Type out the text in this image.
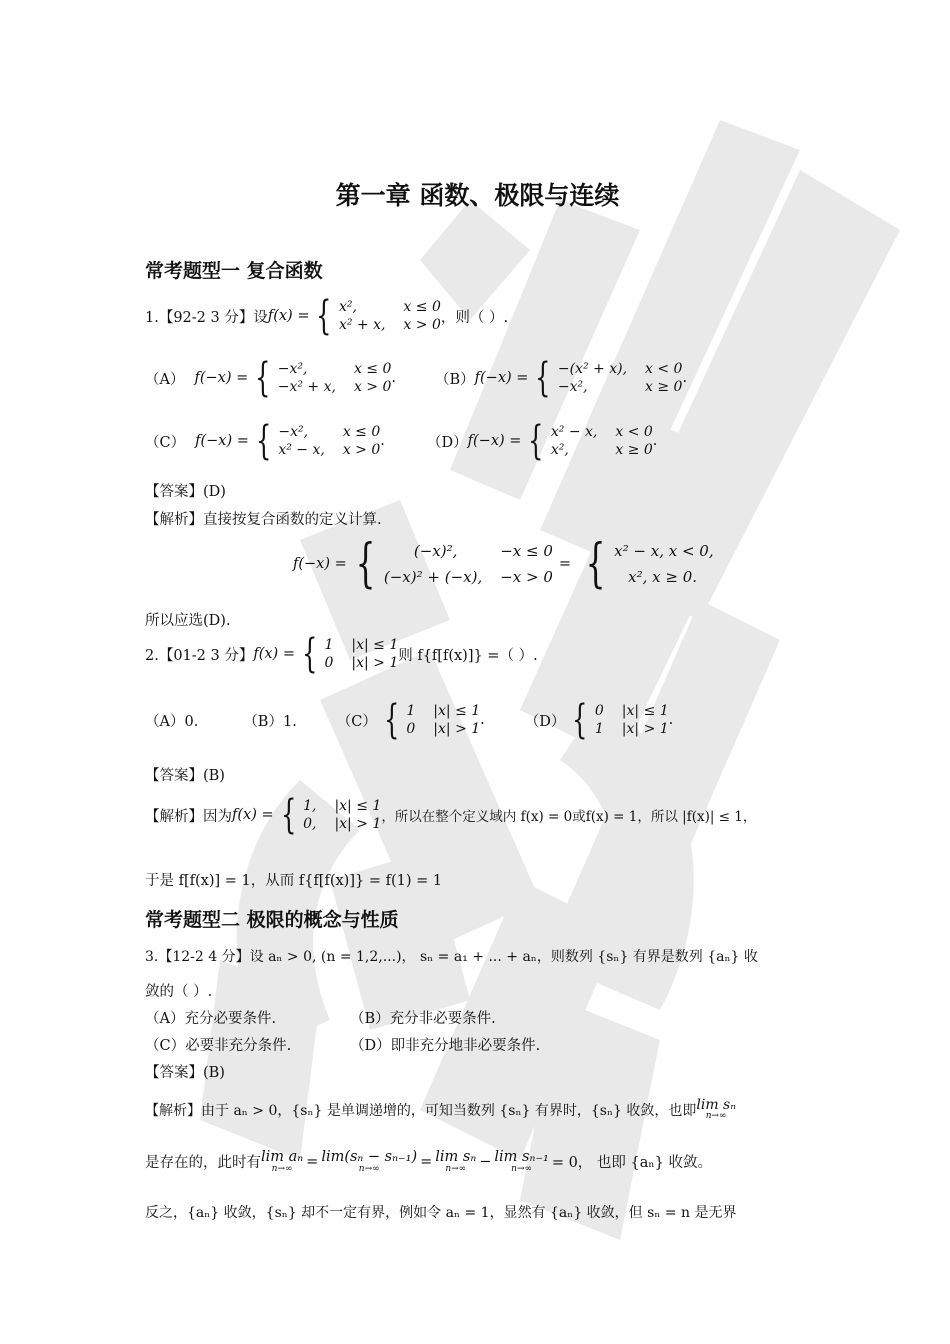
第一章 函数、极限与连续
常考题型一 复合函数
1.【92-2 3 分】设 f(x) = { x²,	x ≤ 0
x² + x, x > 0 ，则（ ）.
（A） f(−x) = { −x²,	x ≤ 0
−x² + x, x > 0
.	（B） f(−x) = { −(x² + x), x < 0
−x²,	x ≥ 0
.
（C） f(−x) = { −x²,	x ≤ 0
x² − x, x > 0
.	（D） f(−x) = { x² − x, x < 0
x²,	x ≥ 0
.
【答案】(D)
【解析】直接按复合函数的定义计算.
f(−x) = {	(−x)²,	−x ≤ 0
(−x)² + (−x), −x > 0
= { x² − x, x < 0,
x², x ≥ 0.
所以应选(D).
2.【01-2 3 分】 f(x) = { 1 |x| ≤ 1
0 |x| > 1 则 f{f[f(x)]} =（ ）.
（A）0.	（B）1.	（C） { 1 |x| ≤ 1
0 |x| > 1
.	（D） { 0 |x| ≤ 1
1 |x| > 1
.
【答案】(B)
【解析】因为 f(x) = { 1, |x| ≤ 1
0, |x| > 1 ，所以在整个定义域内 f(x) = 0或f(x) = 1，所以 |f(x)| ≤ 1，
于是 f[f(x)] = 1，从而 f{f[f(x)]} = f(1) = 1
常考题型二 极限的概念与性质
3.【12-2 4 分】设 aₙ > 0, (n = 1,2,...)， sₙ = a₁ + ... + aₙ，则数列 {sₙ} 有界是数列 {aₙ} 收
敛的（ ）.
（A）充分必要条件.	（B）充分非必要条件.
（C）必要非充分条件.	（D）即非充分地非必要条件.
【答案】(B)
【解析】由于 aₙ > 0，{sₙ} 是单调递增的，可知当数列 {sₙ} 有界时，{sₙ} 收敛，也即 lim sₙ
n→∞
是存在的，此时有 lim aₙ
n→∞ = lim(sₙ − sₙ₋₁)
n→∞	= lim sₙ
n→∞ − lim sₙ₋₁
n→∞ = 0， 也即 {aₙ} 收敛。
反之，{aₙ} 收敛，{sₙ} 却不一定有界，例如令 aₙ = 1，显然有 {aₙ} 收敛，但 sₙ = n 是无界
